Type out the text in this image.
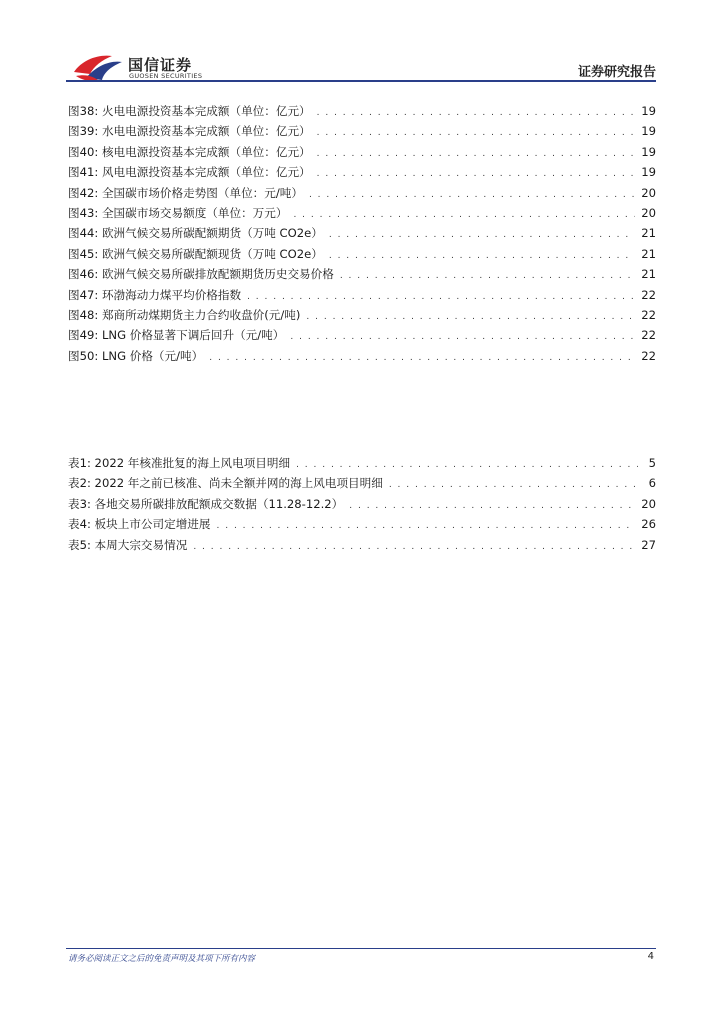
国信证券
GUOSEN SECURITIES	证券研究报告
图38: 火电电源投资基本完成额（单位：亿元） . . .	19
图39: 水电电源投资基本完成额（单位：亿元） . . .	19
图40: 核电电源投资基本完成额（单位：亿元） . . .	19
图41: 风电电源投资基本完成额（单位：亿元） . . .	19
图42: 全国碳市场价格走势图（单位：元/吨） . . .	20
图43: 全国碳市场交易额度（单位：万元） . . .	20
图44: 欧洲气候交易所碳配额期货（万吨 CO2e） . . .	21
图45: 欧洲气候交易所碳配额现货（万吨 CO2e） . . .	21
图46: 欧洲气候交易所碳排放配额期货历史交易价格 . . .	21
图47: 环渤海动力煤平均价格指数 . . .	22
图48: 郑商所动煤期货主力合约收盘价(元/吨) . . .	22
图49: LNG 价格显著下调后回升（元/吨） . . .	22
图50: LNG 价格（元/吨） . . .	22
表1: 2022 年核准批复的海上风电项目明细 . . .	5
表2: 2022 年之前已核准、尚未全额并网的海上风电项目明细 . . .	6
表3: 各地交易所碳排放配额成交数据（11.28-12.2） . . .	20
表4: 板块上市公司定增进展 . . .	26
表5: 本周大宗交易情况 . . .	27
请务必阅读正文之后的免责声明及其项下所有内容	4
